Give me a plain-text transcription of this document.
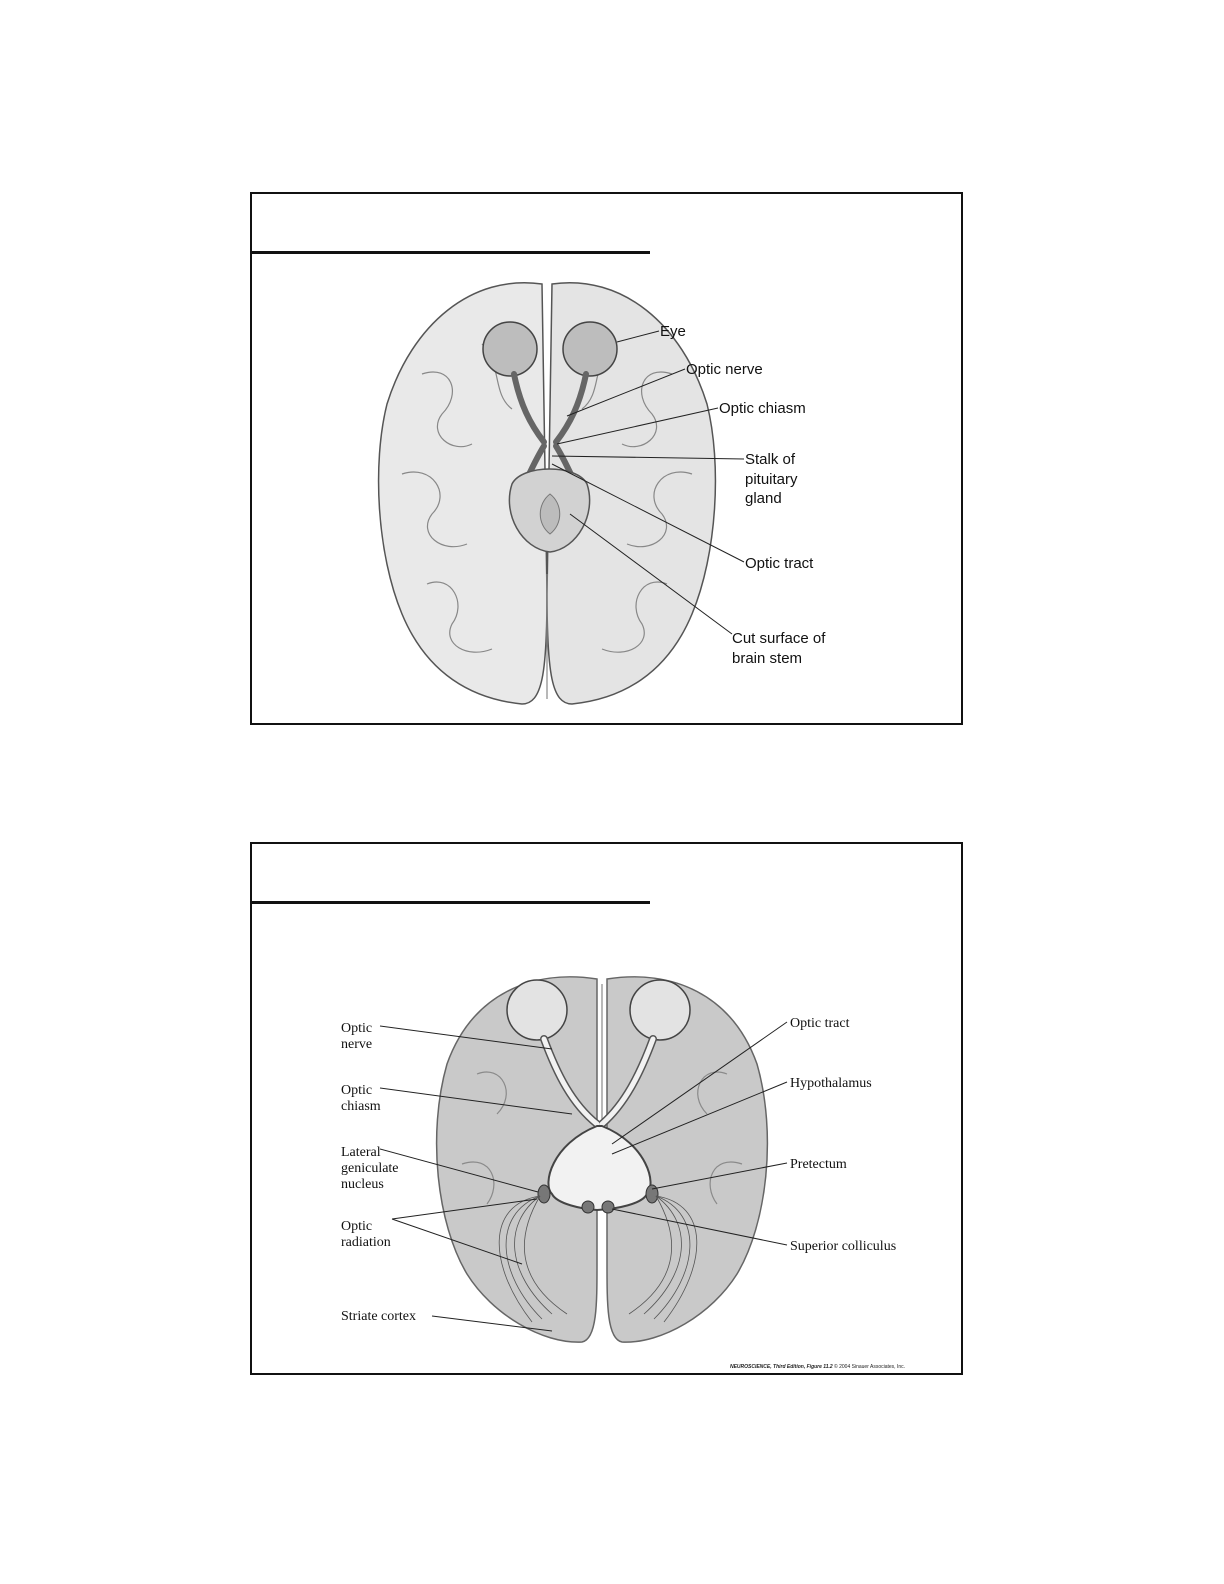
Eye
Optic nerve
Optic chiasm
Stalk of
pituitary
gland
Optic tract
Cut surface of
brain stem
Optic
nerve
Optic
chiasm
Lateral
geniculate
nucleus
Optic
radiation
Striate cortex
Optic tract
Hypothalamus
Pretectum
Superior colliculus
NEUROSCIENCE, Third Edition, Figure 11.2 © 2004 Sinauer Associates, Inc.
